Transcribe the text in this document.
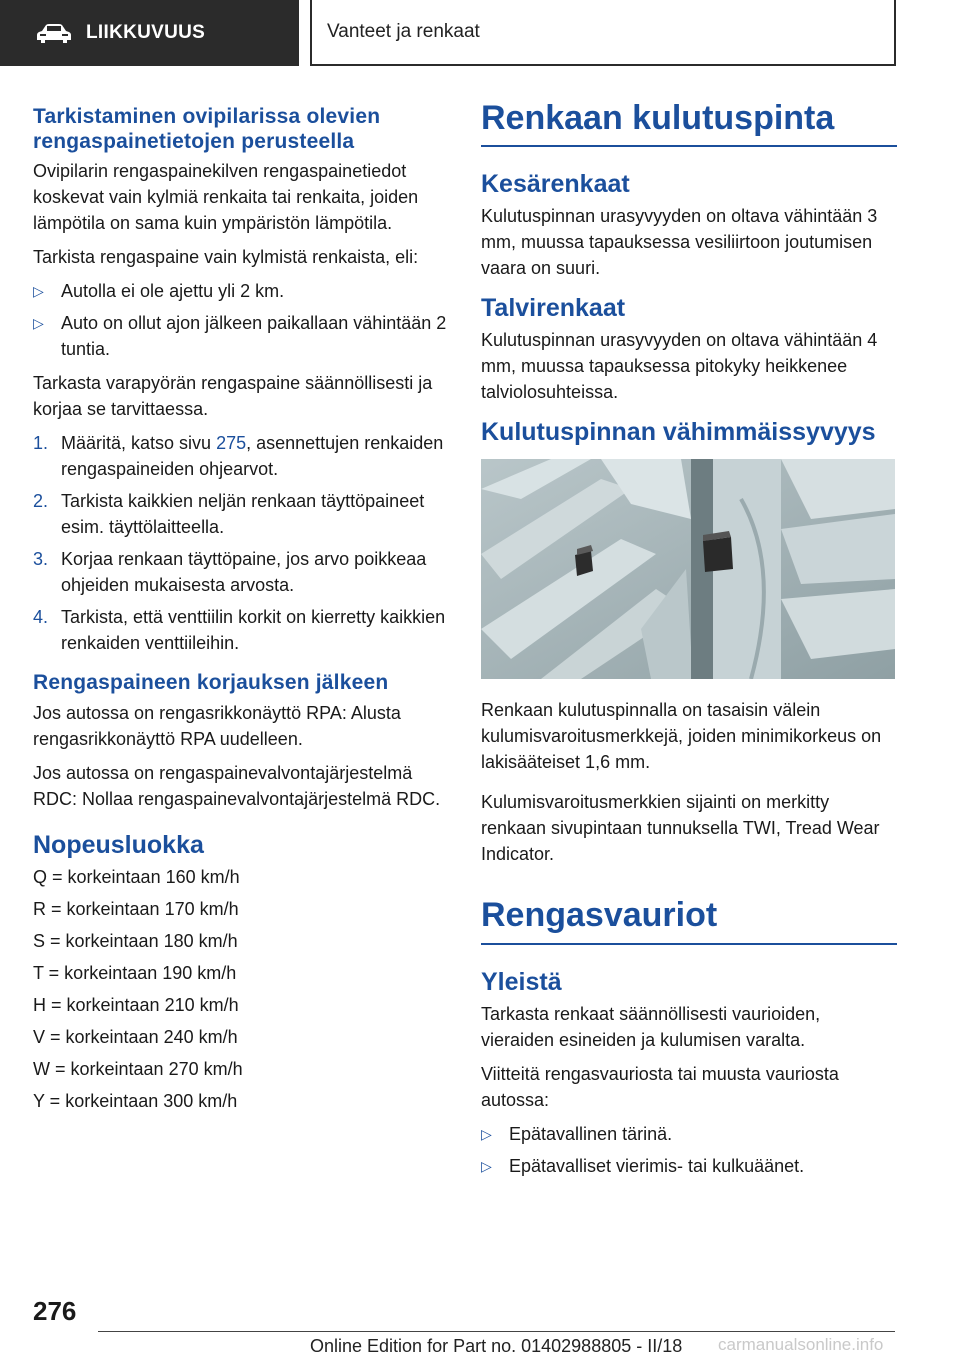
LIIKKUVUUS	Vanteet ja renkaat
Tarkistaminen ovipilarissa olevien rengaspainetietojen perusteella

Ovipilarin rengaspainekilven rengaspainetiedot koskevat vain kylmiä renkaita tai renkaita, joiden lämpötila on sama kuin ympäristön lämpötila.

Tarkista rengaspaine vain kylmistä renkaista, eli:

▷ Autolla ei ole ajettu yli 2 km.
▷ Auto on ollut ajon jälkeen paikallaan vähintään 2 tuntia.

Tarkasta varapyörän rengaspaine säännöllisesti ja korjaa se tarvittaessa.

1. Määritä, katso sivu 275, asennettujen renkaiden rengaspaineiden ohjearvot.
2. Tarkista kaikkien neljän renkaan täyttöpaineet esim. täyttölaitteella.
3. Korjaa renkaan täyttöpaine, jos arvo poikkeaa ohjeiden mukaisesta arvosta.
4. Tarkista, että venttiilin korkit on kierretty kaikkien renkaiden venttiileihin.
Rengaspaineen korjauksen jälkeen

Jos autossa on rengasrikkonäyttö RPA: Alusta rengasrikkonäyttö RPA uudelleen.

Jos autossa on rengaspainevalvontajärjestelmä RDC: Nollaa rengaspainevalvontajärjestelmä RDC.

Nopeusluokka

Q = korkeintaan 160 km/h

R = korkeintaan 170 km/h

S = korkeintaan 180 km/h

T = korkeintaan 190 km/h

H = korkeintaan 210 km/h

V = korkeintaan 240 km/h

W = korkeintaan 270 km/h

Y = korkeintaan 300 km/h

Renkaan kulutuspinta
Kesärenkaat

Kulutuspinnan urasyvyyden on oltava vähintään 3 mm, muussa tapauksessa vesiliirtoon joutumisen vaara on suuri.

Talvirenkaat

Kulutuspinnan urasyvyyden on oltava vähintään 4 mm, muussa tapauksessa pitokyky heikkenee talviolosuhteissa.

Kulutuspinnan vähimmäissyvyys

Renkaan kulutuspinnalla on tasaisin välein kulumisvaroitusmerkkejä, joiden minimikorkeus on lakisääteiset 1,6 mm.

Kulumisvaroitusmerkkien sijainti on merkitty renkaan sivupintaan tunnuksella TWI, Tread Wear Indicator.

Rengasvauriot
Yleistä

Tarkasta renkaat säännöllisesti vaurioiden, vieraiden esineiden ja kulumisen varalta.

Viitteitä rengasvauriosta tai muusta vauriosta autossa:

▷ Epätavallinen tärinä.
▷ Epätavalliset vierimis- tai kulkuäänet.
276
Online Edition for Part no. 01402988805 - II/18 carmanualsonline.info
